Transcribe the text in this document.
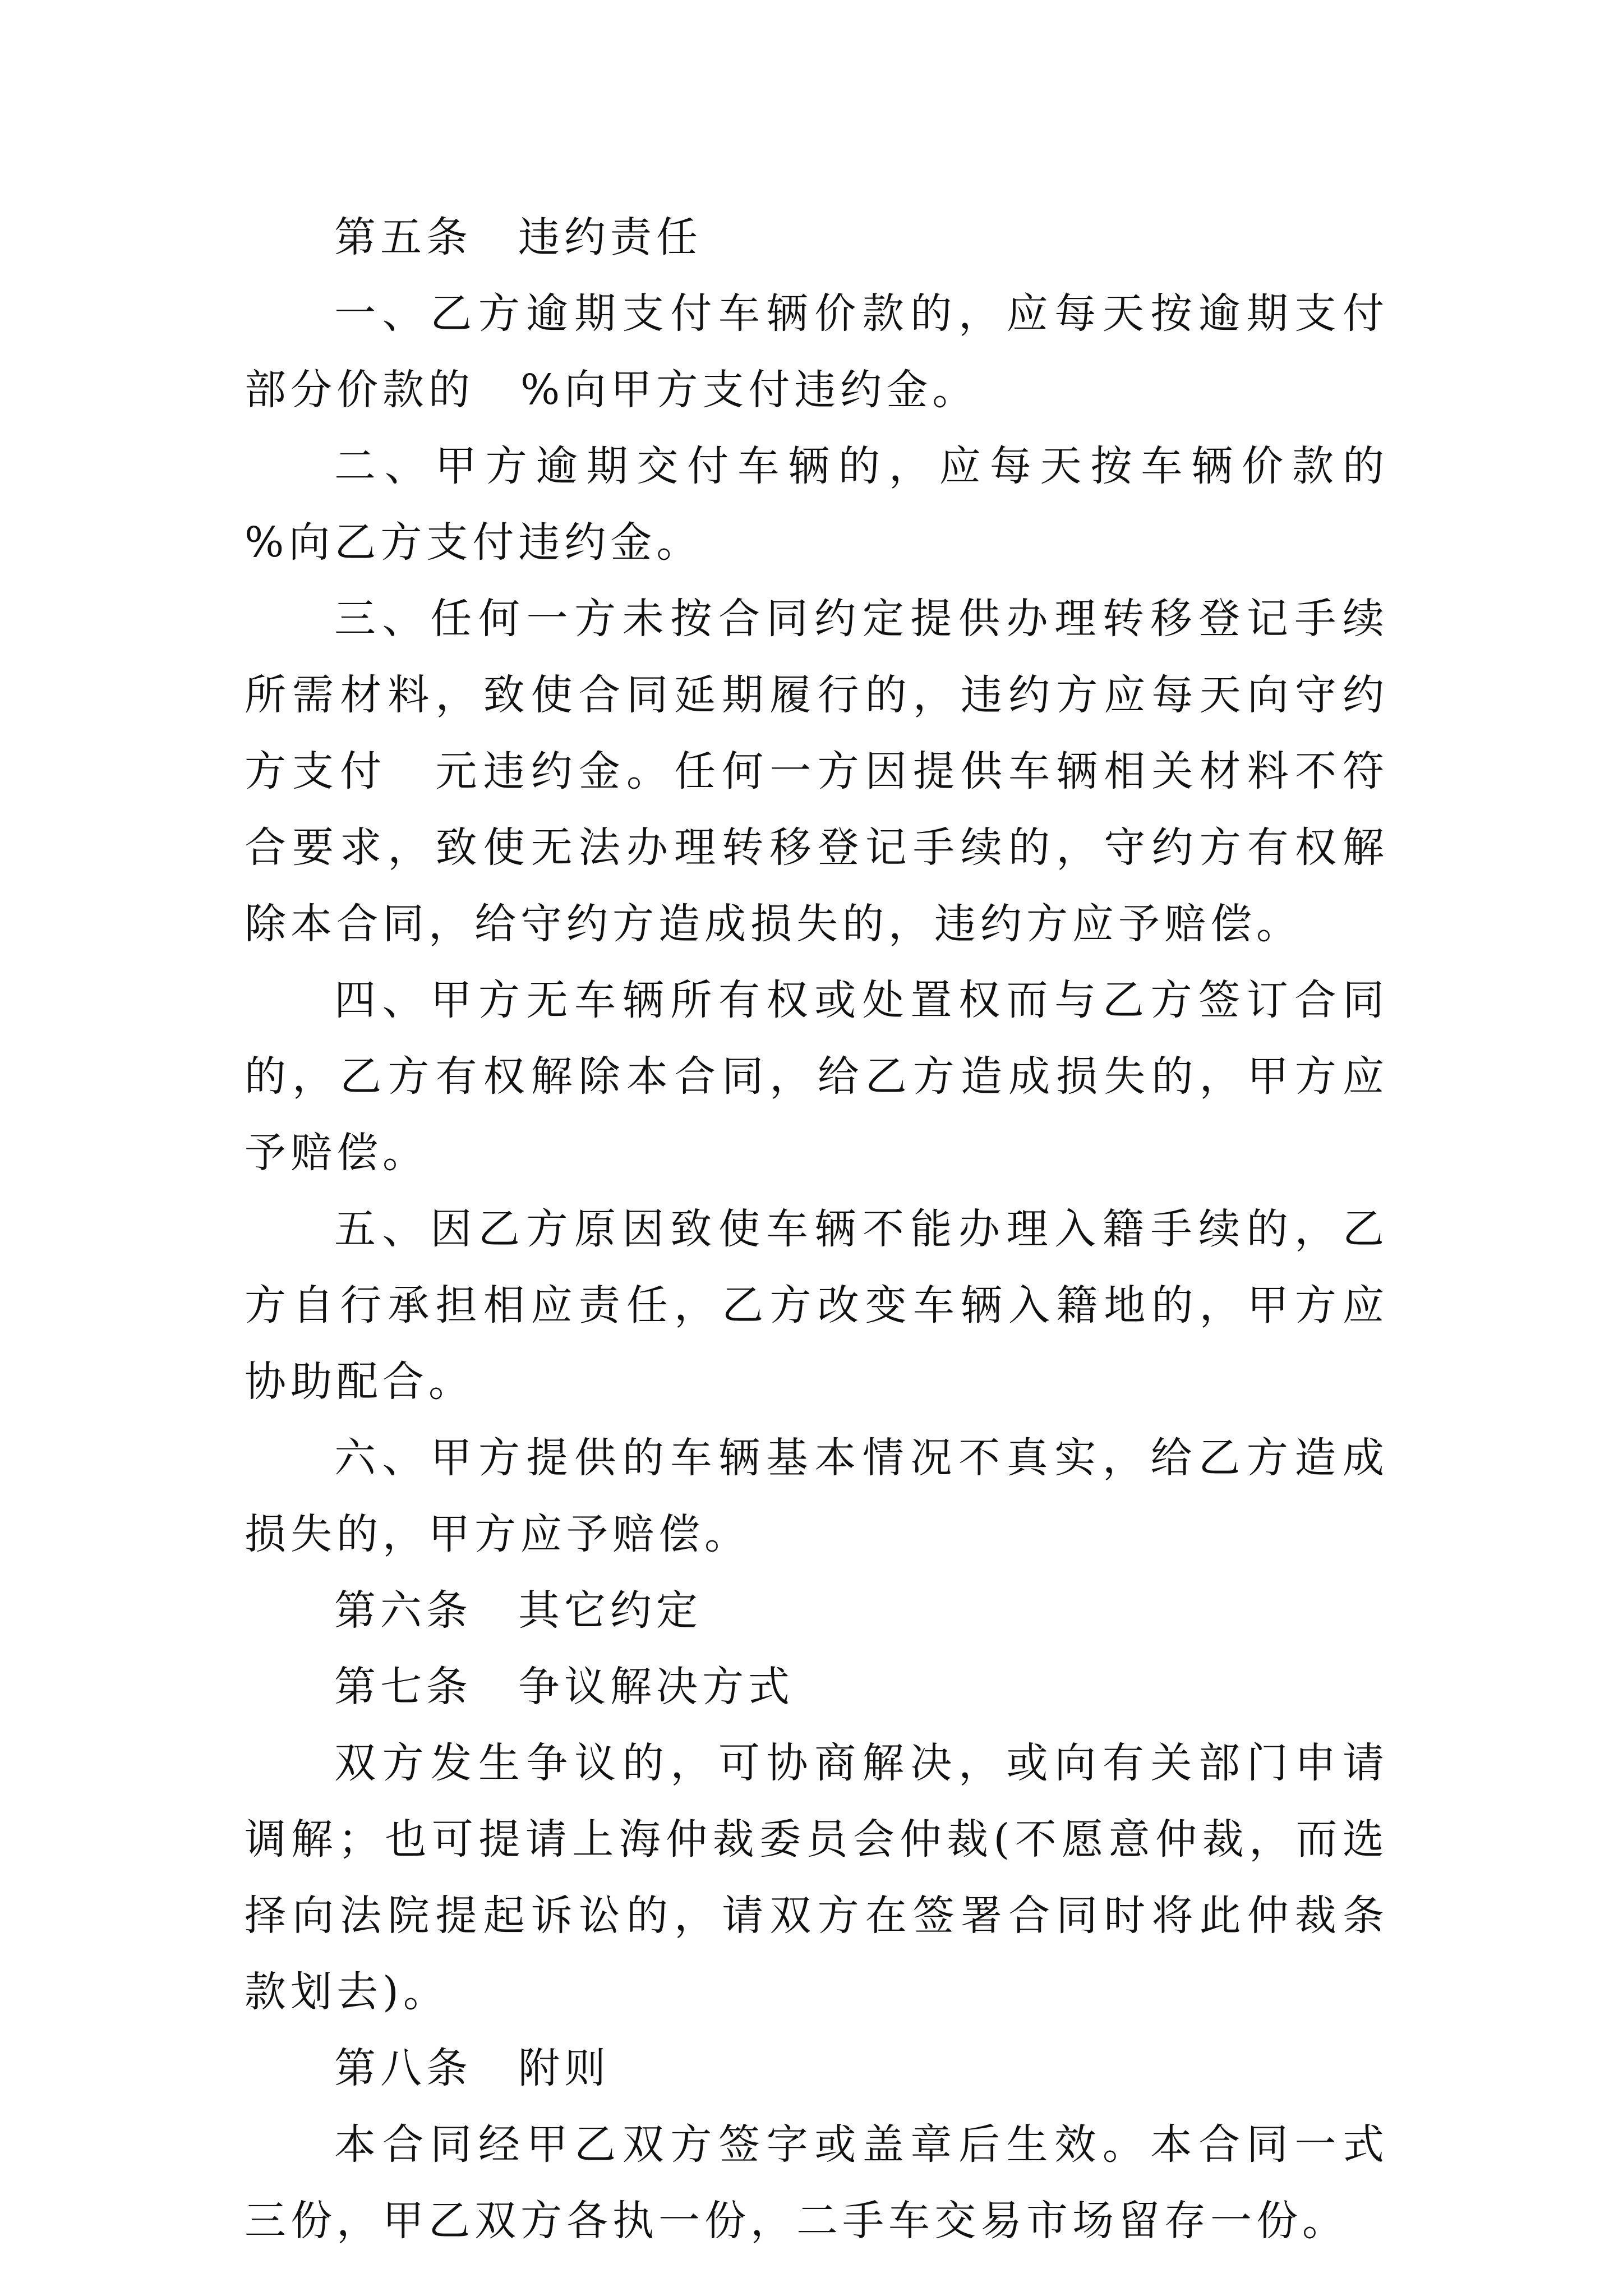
第五条　违约责任

一、乙方逾期支付车辆价款的，应每天按逾期支付部分价款的　%向甲方支付违约金。

二、甲方逾期交付车辆的，应每天按车辆价款的　%向乙方支付违约金。

三、任何一方未按合同约定提供办理转移登记手续所需材料，致使合同延期履行的，违约方应每天向守约方支付　元违约金。任何一方因提供车辆相关材料不符合要求，致使无法办理转移登记手续的，守约方有权解除本合同，给守约方造成损失的，违约方应予赔偿。

四、甲方无车辆所有权或处置权而与乙方签订合同的，乙方有权解除本合同，给乙方造成损失的，甲方应予赔偿。

五、因乙方原因致使车辆不能办理入籍手续的，乙方自行承担相应责任，乙方改变车辆入籍地的，甲方应协助配合。

六、甲方提供的车辆基本情况不真实，给乙方造成损失的，甲方应予赔偿。

第六条　其它约定

第七条　争议解决方式

双方发生争议的，可协商解决，或向有关部门申请调解；也可提请上海仲裁委员会仲裁(不愿意仲裁，而选择向法院提起诉讼的，请双方在签署合同时将此仲裁条款划去)。

第八条　附则

本合同经甲乙双方签字或盖章后生效。本合同一式三份，甲乙双方各执一份，二手车交易市场留存一份。
